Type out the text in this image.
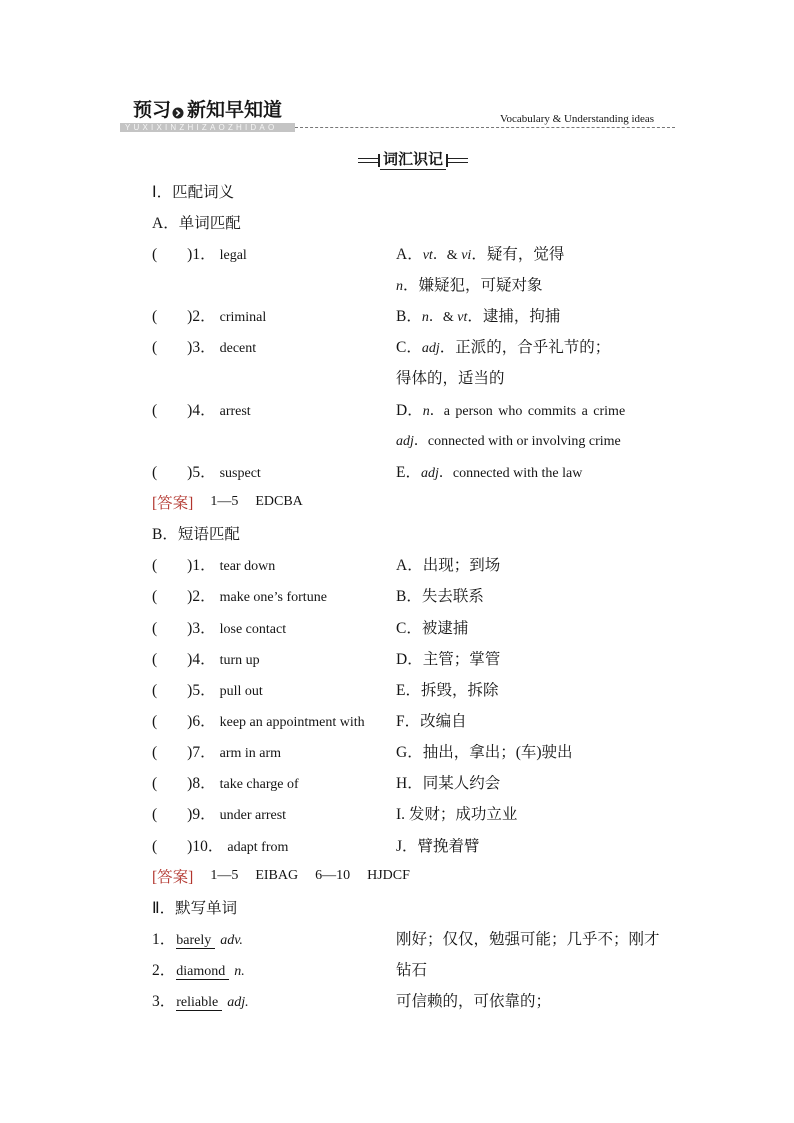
预习 新知早知道
YUXIXINZHIZAOZHIDAO
Vocabulary & Understanding ideas
词汇识记
Ⅰ．匹配词义
A．单词匹配
( )1． legal	A．vt．& vi．疑有，觉得
n．嫌疑犯，可疑对象
( )2． criminal	B．n．& vt．逮捕，拘捕
( )3． decent	C．adj．正派的，合乎礼节的；
得体的，适当的
( )4． arrest	D．n．a person who commits a crime
adj．connected with or involving crime
( )5． suspect	E．adj．connected with the law
[答案] 1—5 EDCBA
B．短语匹配
( )1． tear down	A．出现；到场
( )2． make one’s fortune	B．失去联系
( )3． lose contact	C．被逮捕
( )4． turn up	D．主管；掌管
( )5． pull out	E．拆毁，拆除
( )6． keep an appointment with	F．改编自
( )7． arm in arm	G．抽出，拿出；(车)驶出
( )8． take charge of	H．同某人约会
( )9． under arrest	I. 发财；成功立业
( )10． adapt from	J．臂挽着臂
[答案] 1—5 EIBAG 6—10 HJDCF
Ⅱ．默写单词
1．barely adv.	刚好；仅仅，勉强可能；几乎不；刚才
2．diamond n.	钻石
3．reliable adj.	可信赖的，可依靠的；
